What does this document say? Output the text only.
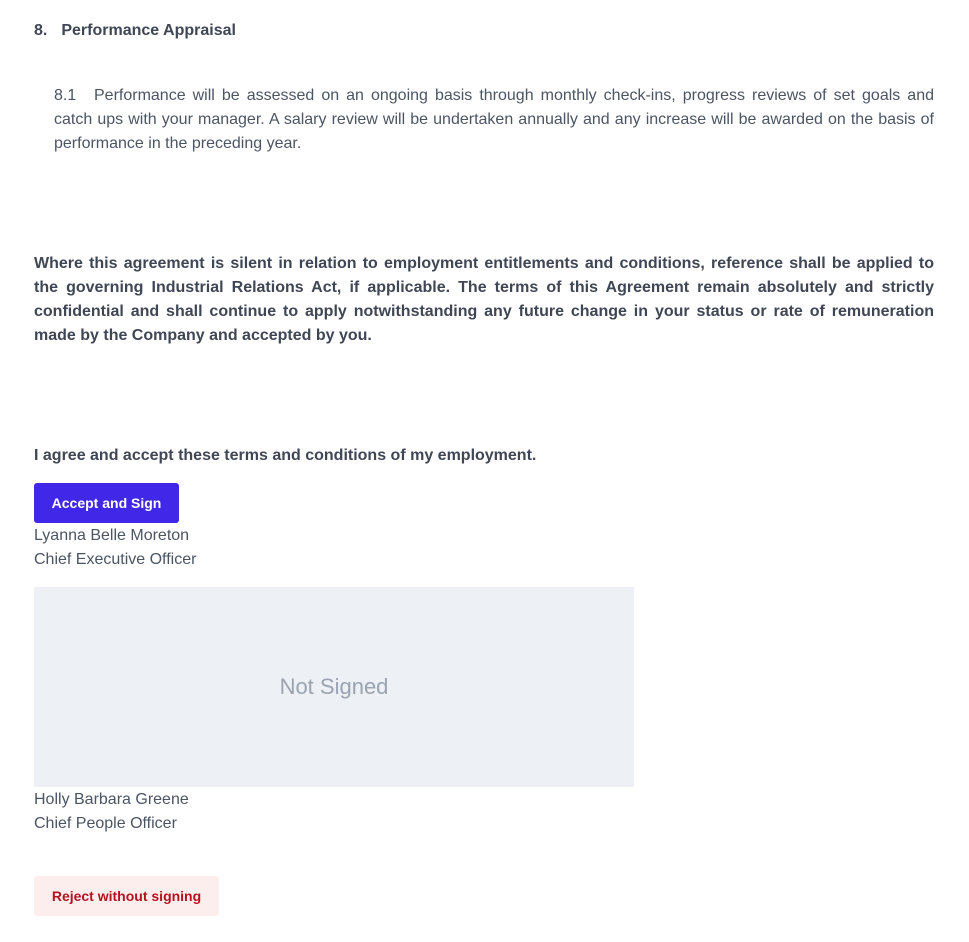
8. Performance Appraisal
8.1 Performance will be assessed on an ongoing basis through monthly check-ins, progress reviews of set goals and catch ups with your manager. A salary review will be undertaken annually and any increase will be awarded on the basis of performance in the preceding year.
Where this agreement is silent in relation to employment entitlements and conditions, reference shall be applied to the governing Industrial Relations Act, if applicable. The terms of this Agreement remain absolutely and strictly confidential and shall continue to apply notwithstanding any future change in your status or rate of remuneration made by the Company and accepted by you.
I agree and accept these terms and conditions of my employment.
Accept and Sign
Lyanna Belle Moreton
Chief Executive Officer
Not Signed
Holly Barbara Greene
Chief People Officer
Reject without signing
